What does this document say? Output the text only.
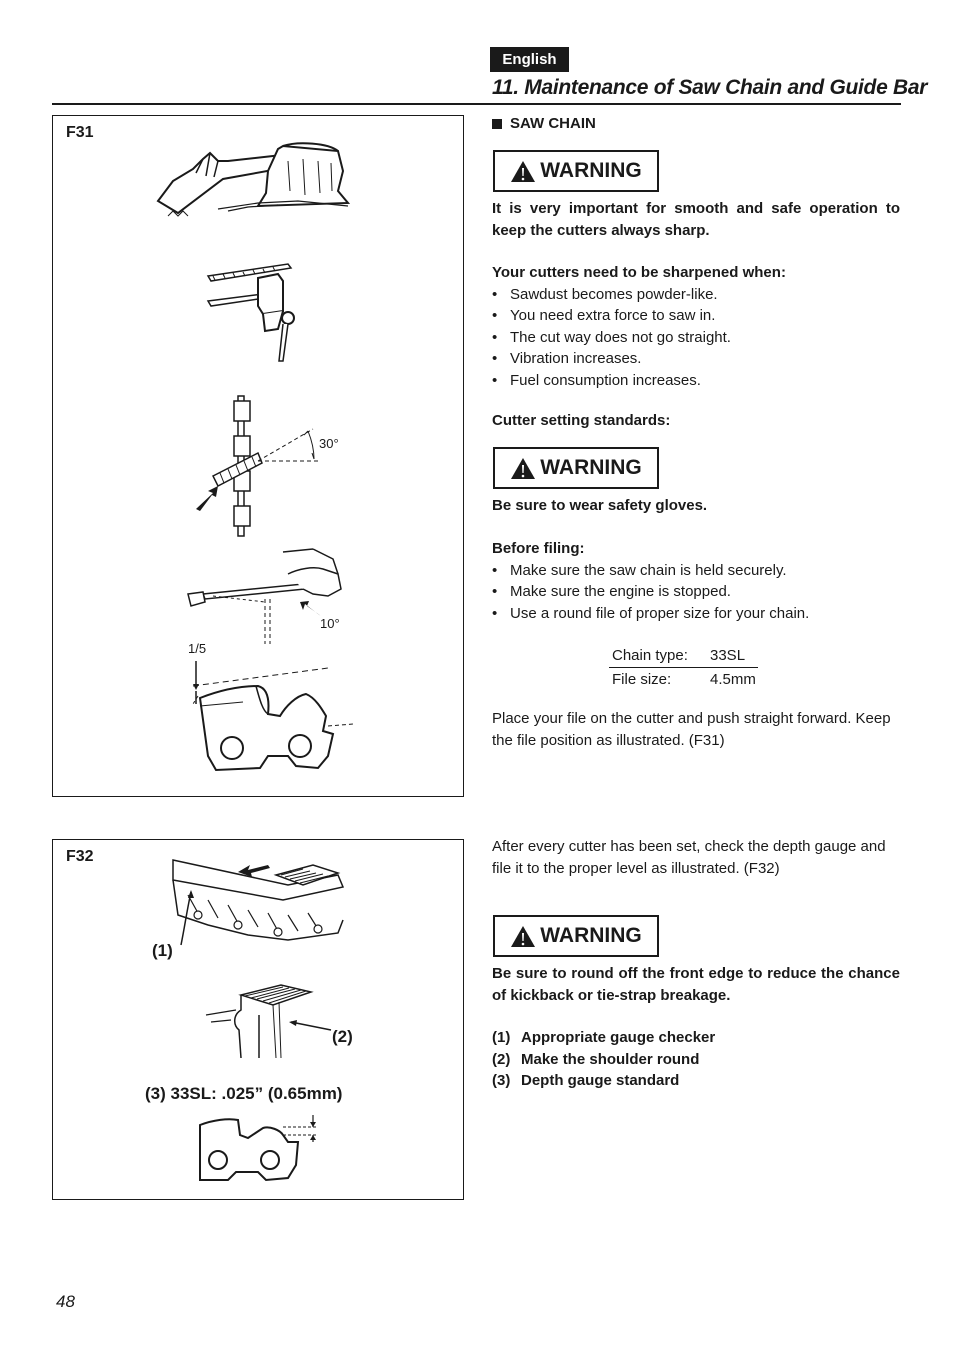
English
11. Maintenance of Saw Chain and Guide Bar
F31
30°
10°
1/5
F32
(1)
(2)
(3) 33SL: .025” (0.65mm)
SAW CHAIN
WARNING
It is very important for smooth and safe operation to keep the cutters always sharp.
Your cutters need to be sharpened when:
• Sawdust becomes powder-like.
• You need extra force to saw in.
• The cut way does not go straight.
• Vibration increases.
• Fuel consumption increases.
Cutter setting standards:
WARNING
Be sure to wear safety gloves.
Before filing:
• Make sure the saw chain is held securely.
• Make sure the engine is stopped.
• Use a round file of proper size for your chain.
Chain type:	33SL
File size:	4.5mm
Place your file on the cutter and push straight forward. Keep the file position as illustrated. (F31)
After every cutter has been set, check the depth gauge and file it to the proper level as illustrated. (F32)
WARNING
Be sure to round off the front edge to reduce the chance of kickback or tie-strap breakage.
(1) Appropriate gauge checker
(2) Make the shoulder round
(3) Depth gauge standard
48
